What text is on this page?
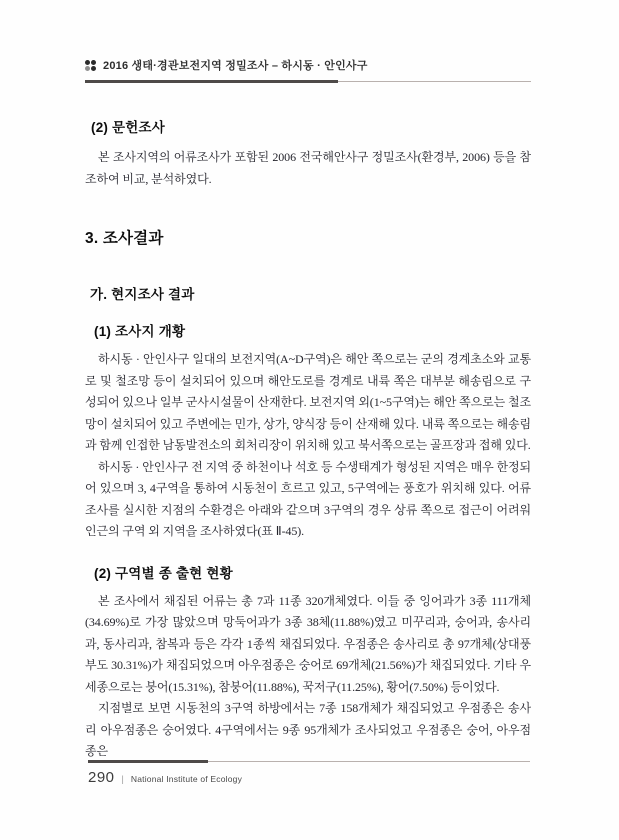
2016 생태·경관보전지역 정밀조사 – 하시동 · 안인사구
(2) 문헌조사

본 조사지역의 어류조사가 포함된 2006 전국해안사구 정밀조사(환경부, 2006) 등을 참조하여 비교, 분석하였다.

3. 조사결과
가. 현지조사 결과
(1) 조사지 개황

하시동 · 안인사구 일대의 보전지역(A~D구역)은 해안 쪽으로는 군의 경계초소와 교통로 및 철조망 등이 설치되어 있으며 해안도로를 경계로 내륙 쪽은 대부분 해송림으로 구성되어 있으나 일부 군사시설물이 산재한다. 보전지역 외(1~5구역)는 해안 쪽으로는 철조망이 설치되어 있고 주변에는 민가, 상가, 양식장 등이 산재해 있다. 내륙 쪽으로는 해송림과 함께 인접한 남동발전소의 회처리장이 위치해 있고 북서쪽으로는 골프장과 접해 있다.

하시동 · 안인사구 전 지역 중 하천이나 석호 등 수생태계가 형성된 지역은 매우 한정되어 있으며 3, 4구역을 통하여 시동천이 흐르고 있고, 5구역에는 풍호가 위치해 있다. 어류 조사를 실시한 지점의 수환경은 아래와 같으며 3구역의 경우 상류 쪽으로 접근이 어려워 인근의 구역 외 지역을 조사하였다(표 Ⅱ-45).

(2) 구역별 종 출현 현황

본 조사에서 채집된 어류는 총 7과 11종 320개체였다. 이들 중 잉어과가 3종 111개체(34.69%)로 가장 많았으며 망둑어과가 3종 38체(11.88%)였고 미꾸리과, 숭어과, 송사리과, 동사리과, 참복과 등은 각각 1종씩 채집되었다. 우점종은 송사리로 총 97개체(상대풍부도 30.31%)가 채집되었으며 아우점종은 숭어로 69개체(21.56%)가 채집되었다. 기타 우세종으로는 붕어(15.31%), 참붕어(11.88%), 꾹저구(11.25%), 황어(7.50%) 등이었다.

지점별로 보면 시동천의 3구역 하방에서는 7종 158개체가 채집되었고 우점종은 송사리 아우점종은 숭어였다. 4구역에서는 9종 95개체가 조사되었고 우점종은 숭어, 아우점종은

290 | National Institute of Ecology
